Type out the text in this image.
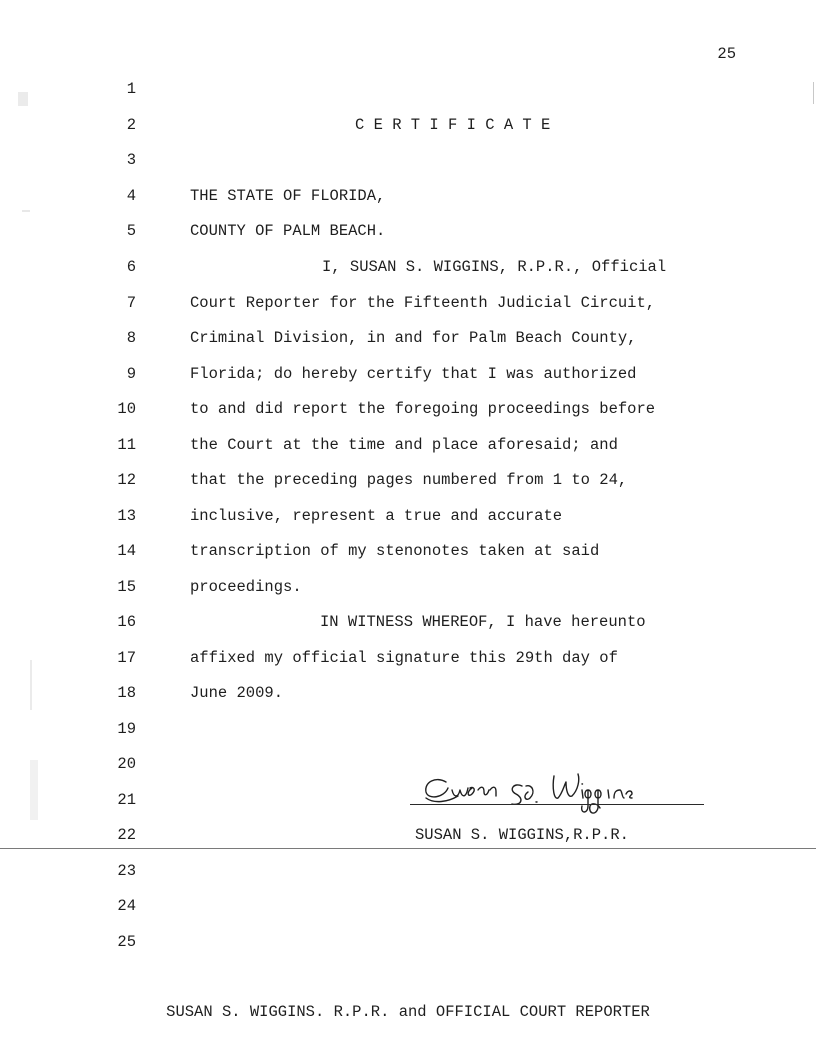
25
1
2	C E R T I F I C A T E
3
4	THE STATE OF FLORIDA,
5	COUNTY OF PALM BEACH.
6	I, SUSAN S. WIGGINS, R.P.R., Official
7	Court Reporter for the Fifteenth Judicial Circuit,
8	Criminal Division, in and for Palm Beach County,
9	Florida; do hereby certify that I was authorized
10	to and did report the foregoing proceedings before
11	the Court at the time and place aforesaid; and
12	that the preceding pages numbered from 1 to 24,
13	inclusive, represent a true and accurate
14	transcription of my stenonotes taken at said
15	proceedings.
16	IN WITNESS WHEREOF, I have hereunto
17	affixed my official signature this 29th day of
18	June 2009.
19
20
21
22	SUSAN S. WIGGINS,R.P.R.
23
24
25
SUSAN S. WIGGINS. R.P.R. and OFFICIAL COURT REPORTER
